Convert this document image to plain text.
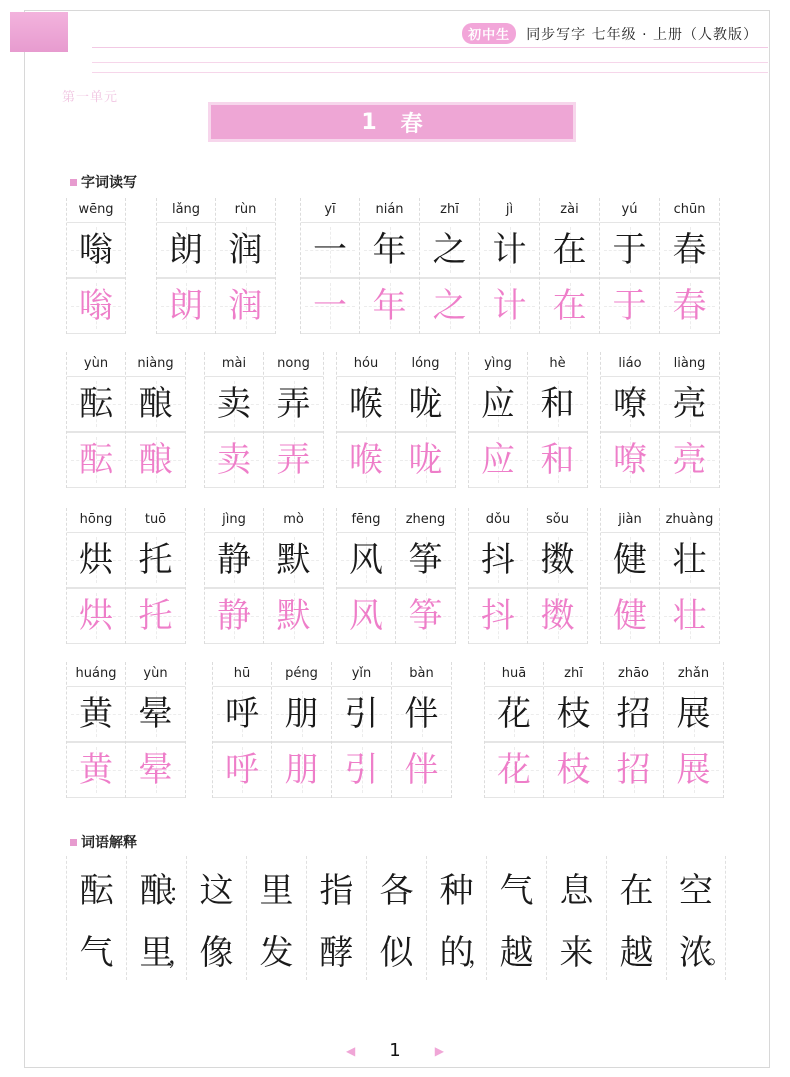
初中生	同步写字 七年级 · 上册（人教版）
第一单元
1 春
字词读写
wēng
嗡
嗡
lǎng
朗
朗
rùn
润
润
yī
一
一
nián
年
年
zhī
之
之
jì
计
计
zài
在
在
yú
于
于
chūn
春
春
yùn
酝
酝
niàng
酿
酿
mài
卖
卖
nong
弄
弄
hóu
喉
喉
lóng
咙
咙
yìng
应
应
hè
和
和
liáo
嘹
嘹
liàng
亮
亮
hōng
烘
烘
tuō
托
托
jìng
静
静
mò
默
默
fēng
风
风
zheng
筝
筝
dǒu
抖
抖
sǒu
擞
擞
jiàn
健
健
zhuàng
壮
壮
huáng
黄
黄
yùn
晕
晕
hū
呼
呼
péng
朋
朋
yǐn
引
引
bàn
伴
伴
huā
花
花
zhī
枝
枝
zhāo
招
招
zhǎn
展
展
词语解释
酝 酿
： 这 里 指 各 种 气 息 在 空
气 里
， 像 发 酵 似 的
， 越 来 越 浓
。
◀ 1	▶
